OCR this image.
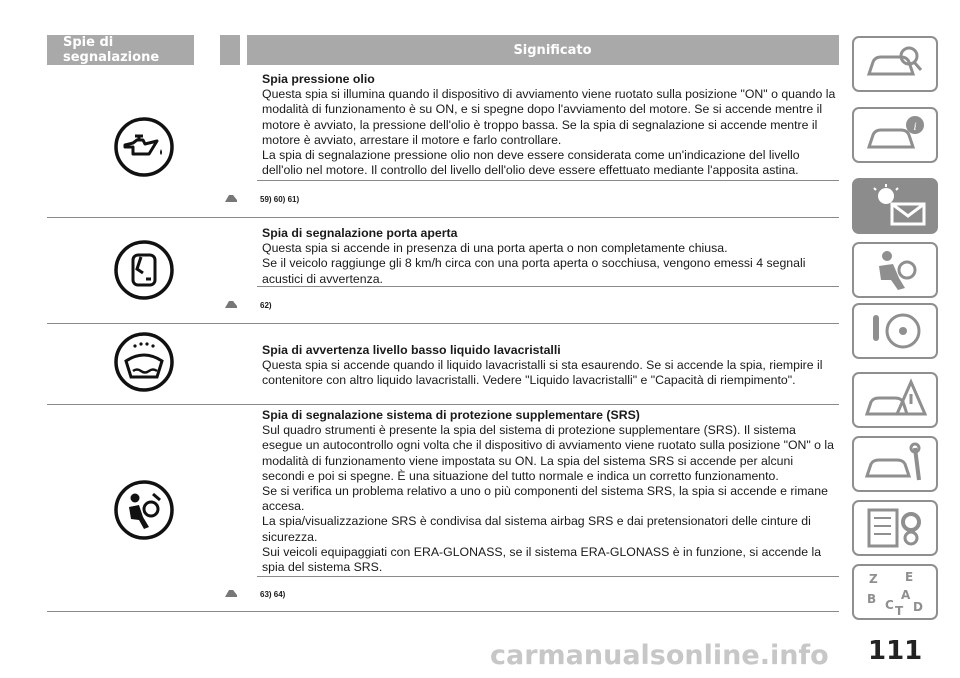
Spie di segnalazione	Significato
Spia pressione olio

Questa spia si illumina quando il dispositivo di avviamento viene ruotato sulla posizione "ON" o quando la modalità di funzionamento è su ON, e si spegne dopo l'avviamento del motore. Se si accende mentre il motore è avviato, la pressione dell'olio è troppo bassa. Se la spia di segnalazione si accende mentre il motore è avviato, arrestare il motore e farlo controllare.

La spia di segnalazione pressione olio non deve essere considerata come un'indicazione del livello dell'olio nel motore. Il controllo del livello dell'olio deve essere effettuato mediante l'apposita astina.

59) 60) 61)
Spia di segnalazione porta aperta

Questa spia si accende in presenza di una porta aperta o non completamente chiusa.

Se il veicolo raggiunge gli 8 km/h circa con una porta aperta o socchiusa, vengono emessi 4 segnali acustici di avvertenza.

62)
Spia di avvertenza livello basso liquido lavacristalli

Questa spia si accende quando il liquido lavacristalli si sta esaurendo. Se si accende la spia, riempire il contenitore con altro liquido lavacristalli. Vedere "Liquido lavacristalli" e "Capacità di riempimento".

Spia di segnalazione sistema di protezione supplementare (SRS)

Sul quadro strumenti è presente la spia del sistema di protezione supplementare (SRS). Il sistema esegue un autocontrollo ogni volta che il dispositivo di avviamento viene ruotato sulla posizione "ON" o la modalità di funzionamento viene impostata su ON. La spia del sistema SRS si accende per alcuni secondi e poi si spegne. È una situazione del tutto normale e indica un corretto funzionamento.

Se si verifica un problema relativo a uno o più componenti del sistema SRS, la spia si accende e rimane accesa.

La spia/visualizzazione SRS è condivisa dal sistema airbag SRS e dai pretensionatori delle cinture di sicurezza.

Sui veicoli equipaggiati con ERA-GLONASS, se il sistema ERA-GLONASS è in funzione, si accende la spia del sistema SRS.

63) 64)
i
Z E
B C
A
D
T
111
carmanualsonline.info
